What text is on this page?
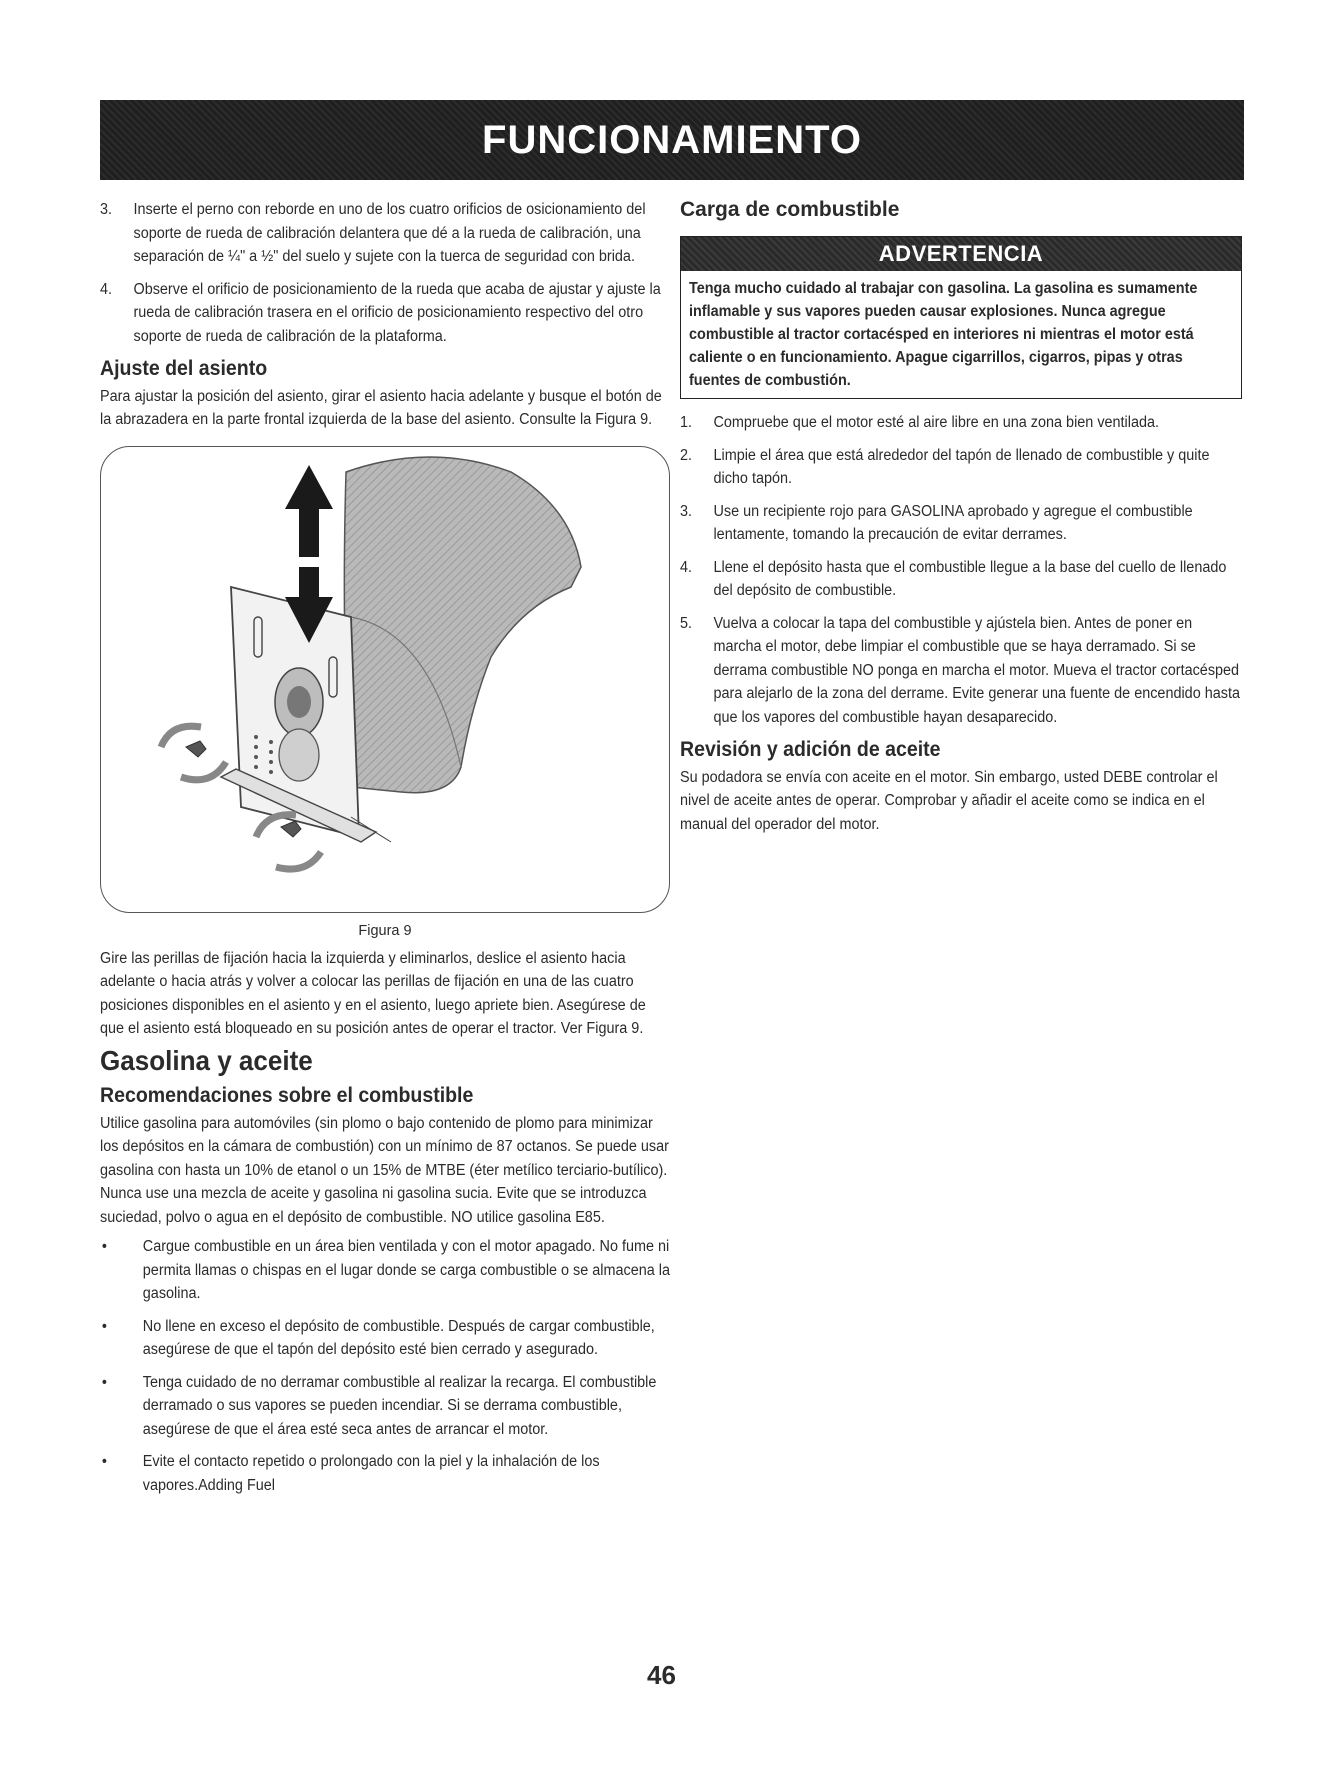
FUNCIONAMIENTO
3.	Inserte el perno con reborde en uno de los cuatro orificios de osicionamiento del soporte de rueda de calibración delantera que dé a la rueda de calibración, una separación de ¼" a ½" del suelo y sujete con la tuerca de seguridad con brida.
4.	Observe el orificio de posicionamiento de la rueda que acaba de ajustar y ajuste la rueda de calibración trasera en el orificio de posicionamiento respectivo del otro soporte de rueda de calibración de la plataforma.
Ajuste del asiento

Para ajustar la posición del asiento, girar el asiento hacia adelante y busque el botón de la abrazadera en la parte frontal izquierda de la base del asiento. Consulte la Figura 9.

Figura 9

Gire las perillas de fijación hacia la izquierda y eliminarlos, deslice el asiento hacia adelante o hacia atrás y volver a colocar las perillas de fijación en una de las cuatro posiciones disponibles en el asiento y en el asiento, luego apriete bien. Asegúrese de que el asiento está bloqueado en su posición antes de operar el tractor. Ver Figura 9.

Gasolina y aceite
Recomendaciones sobre el combustible

Utilice gasolina para automóviles (sin plomo o bajo contenido de plomo para minimizar los depósitos en la cámara de combustión) con un mínimo de 87 octanos. Se puede usar gasolina con hasta un 10% de etanol o un 15% de MTBE (éter metílico terciario-butílico). Nunca use una mezcla de aceite y gasolina ni gasolina sucia. Evite que se introduzca suciedad, polvo o agua en el depósito de combustible. NO utilice gasolina E85.

•	Cargue combustible en un área bien ventilada y con el motor apagado. No fume ni permita llamas o chispas en el lugar donde se carga combustible o se almacena la gasolina.
•	No llene en exceso el depósito de combustible. Después de cargar combustible, asegúrese de que el tapón del depósito esté bien cerrado y asegurado.
•	Tenga cuidado de no derramar combustible al realizar la recarga. El combustible derramado o sus vapores se pueden incendiar. Si se derrama combustible, asegúrese de que el área esté seca antes de arrancar el motor.
•	Evite el contacto repetido o prolongado con la piel y la inhalación de los vapores.Adding Fuel
Carga de combustible
ADVERTENCIA
Tenga mucho cuidado al trabajar con gasolina. La gasolina es sumamente inflamable y sus vapores pueden causar explosiones. Nunca agregue combustible al tractor cortacésped en interiores ni mientras el motor está caliente o en funcionamiento. Apague cigarrillos, cigarros, pipas y otras fuentes de combustión.
1.	Compruebe que el motor esté al aire libre en una zona bien ventilada.
2.	Limpie el área que está alrededor del tapón de llenado de combustible y quite dicho tapón.
3.	Use un recipiente rojo para GASOLINA aprobado y agregue el combustible lentamente, tomando la precaución de evitar derrames.
4.	Llene el depósito hasta que el combustible llegue a la base del cuello de llenado del depósito de combustible.
5.	Vuelva a colocar la tapa del combustible y ajústela bien. Antes de poner en marcha el motor, debe limpiar el combustible que se haya derramado. Si se derrama combustible NO ponga en marcha el motor. Mueva el tractor cortacésped para alejarlo de la zona del derrame. Evite generar una fuente de encendido hasta que los vapores del combustible hayan desaparecido.
Revisión y adición de aceite

Su podadora se envía con aceite en el motor. Sin embargo, usted DEBE controlar el nivel de aceite antes de operar. Comprobar y añadir el aceite como se indica en el manual del operador del motor.

46
